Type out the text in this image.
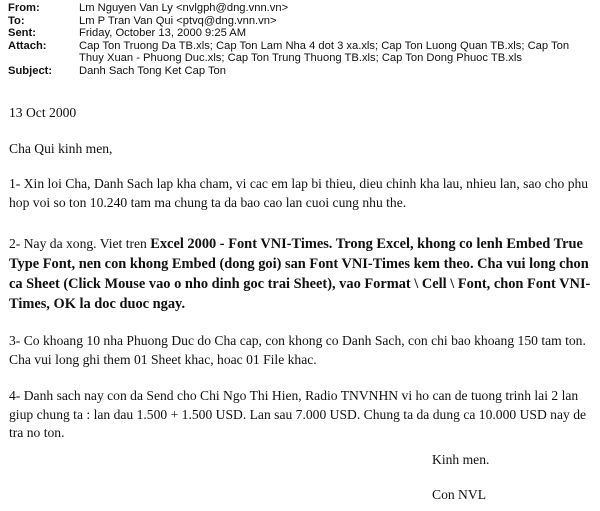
From:	Lm Nguyen Van Ly <nvlgph@dng.vnn.vn>
To:	Lm P Tran Van Qui <ptvq@dng.vnn.vn>
Sent:	Friday, October 13, 2000 9:25 AM
Attach:	Cap Ton Truong Da TB.xls; Cap Ton Lam Nha 4 dot 3 xa.xls; Cap Ton Luong Quan TB.xls; Cap Ton Thuy Xuan - Phuong Duc.xls; Cap Ton Trung Thuong TB.xls; Cap Ton Dong Phuoc TB.xls
Subject:	Danh Sach Tong Ket Cap Ton

13 Oct 2000

Cha Qui kinh men,

1- Xin loi Cha, Danh Sach lap kha cham, vi cac em lap bi thieu, dieu chinh kha lau, nhieu lan, sao cho phu hop voi so ton 10.240 tam ma chung ta da bao cao lan cuoi cung nhu the.

2- Nay da xong. Viet tren Excel 2000 - Font VNI-Times. Trong Excel, khong co lenh Embed True Type Font, nen con khong Embed (dong goi) san Font VNI-Times kem theo. Cha vui long chon ca Sheet (Click Mouse vao o nho dinh goc trai Sheet), vao Format \ Cell \ Font, chon Font VNI-Times, OK la doc duoc ngay.

3- Co khoang 10 nha Phuong Duc do Cha cap, con khong co Danh Sach, con chi bao khoang 150 tam ton. Cha vui long ghi them 01 Sheet khac, hoac 01 File khac.

4- Danh sach nay con da Send cho Chi Ngo Thi Hien, Radio TNVNHN vi ho can de tuong trinh lai 2 lan giup chung ta : lan dau 1.500 + 1.500 USD. Lan sau 7.000 USD. Chung ta da dung ca 10.000 USD nay de tra no ton.

Kinh men.
Con NVL
